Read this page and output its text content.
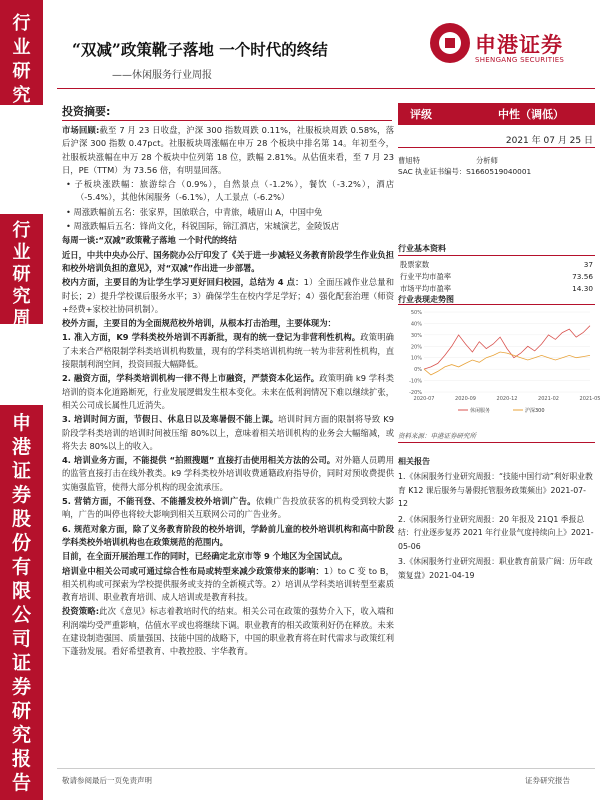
行
业
研
究
行
业
研
究
周
报
申
港
证
券
股
份
有
限
公
司
证
券
研
究
报
告
“双减”政策靴子落地 一个时代的终结
——休闲服务行业周报
申港证券
SHENGANG SECURITIES
投资摘要:

市场回顾:截至 7 月 23 日收盘，沪深 300 指数周跌 0.11%，社服板块周跌 0.58%，落后沪深 300 指数 0.47pct。社服板块周涨幅在申万 28 个板块中排名第 14。年初至今，社服板块涨幅在申万 28 个板块中位列第 18 位，跌幅 2.81%。从估值来看，至 7 月 23 日，PE（TTM）为 73.56 倍，有明显回落。

• 子板块涨跌幅：旅游综合（0.9%），自然景点（-1.2%），餐饮（-3.2%），酒店（-5.4%），其他休闲服务（-6.1%），人工景点（-6.2%）

• 周涨跌幅前五名：张家界，国旅联合，中青旅，峨眉山 A，中国中免

• 周涨跌幅后五名：锋尚文化，科锐国际，锦江酒店，宋城演艺，金陵饭店

每周一谈:“双减”政策靴子落地 一个时代的终结

近日，中共中央办公厅、国务院办公厅印发了《关于进一步减轻义务教育阶段学生作业负担和校外培训负担的意见》，对“双减”作出进一步部署。

校内方面，主要目的为让学生学习更好回归校园，总结为 4 点：1）全面压减作业总量和时长；2）提升学校课后服务水平；3）确保学生在校内学足学好；4）强化配套治理（师资+经费+家校社协同机制）。

校外方面，主要目的为全面规范校外培训，从根本打击治理，主要体现为：

1. 准入方面，K9 学科类校外培训不再新批，现有的统一登记为非营利性机构。政策明确了未来合严格限制学科类培训机构数量，现有的学科类培训机构统一转为非营利性机构，直接限制利润空间，投资回报大幅降低。

2. 融资方面，学科类培训机构一律不得上市融资，严禁资本化运作。政策明确 k9 学科类培训的资本化道路断死，行业发展逻辑发生根本变化。未来在低利润情况下难以继续扩张，相关公司成长属性几近消失。

3. 培训时间方面，节假日、休息日以及寒暑假不能上课。培训时间方面的限制将导致 K9 阶段学科类培训的培训时间被压缩 80%以上，意味着相关培训机构的业务会大幅缩减，或将失去 80%以上的收入。

4. 培训业务方面，不能提供 “拍照搜题” 直接打击使用相关方法的公司。对外籍人员聘用的监管直接打击在线外教类。k9 学科类校外培训收费通籍政府指导价，同时对预收费提供实施强监管，使得大部分机构的现金流承压。

5. 营销方面，不能刊登、不能播发校外培训广告。依赖广告投放获客的机构受到较大影响，广告的叫停也将较大影响到相关互联网公司的广告业务。

6. 规范对象方面，除了义务教育阶段的校外培训，学龄前儿童的校外培训机构和高中阶段学科类校外培训机构也在政策规范的范围内。

目前，在全面开展治理工作的同时，已经确定北京市等 9 个地区为全国试点。

培训业中相关公司或可通过综合性布局或转型来减少政策带来的影响：1）to C 变 to B，相关机构或可探索为学校提供服务或支持的全新模式等。2）培训从学科类培训转型至素质教育培训、职业教育培训、成人培训或是教育科技。

投资策略:此次《意见》标志着教培时代的结束。相关公司在政策的强势介入下，收入端和利润端均受严重影响，估值水平或也将继续下调。职业教育的相关政策利好仍在释放。未来在建设制造强国、质量强国、技能中国的战略下，中国的职业教育将在时代需求与政策红利下蓬勃发展。看好希望教育、中教控股、宇华教育。

评级	中性（调低）
2021 年 07 月 25 日
曹旭特	分析师
SAC 执业证书编号：S1660519040001
行业基本资料
股票家数	37
行业平均市盈率	73.56
市场平均市盈率	14.30
行业表现走势图
50%
40%
30%
20%
10%
0%
-10%
-20%
2020-07	2020-09	2020-12	2021-02	2021-05
休闲服务	沪深300
资料来源：申港证券研究所
相关报告
1.《休闲服务行业研究周报：“技能中国行动”利好职业教育 K12 课后服务与暑假托管服务政策频出》2021-07-12
2.《休闲服务行业研究周报：20 年报及 21Q1 季报总结：行业逐步复苏 2021 年行业景气度持续向上》2021-05-06
3.《休闲服务行业研究周报：职业教育前景广阔：历年政策复盘》2021-04-19
敬请参阅最后一页免责声明	证券研究报告
